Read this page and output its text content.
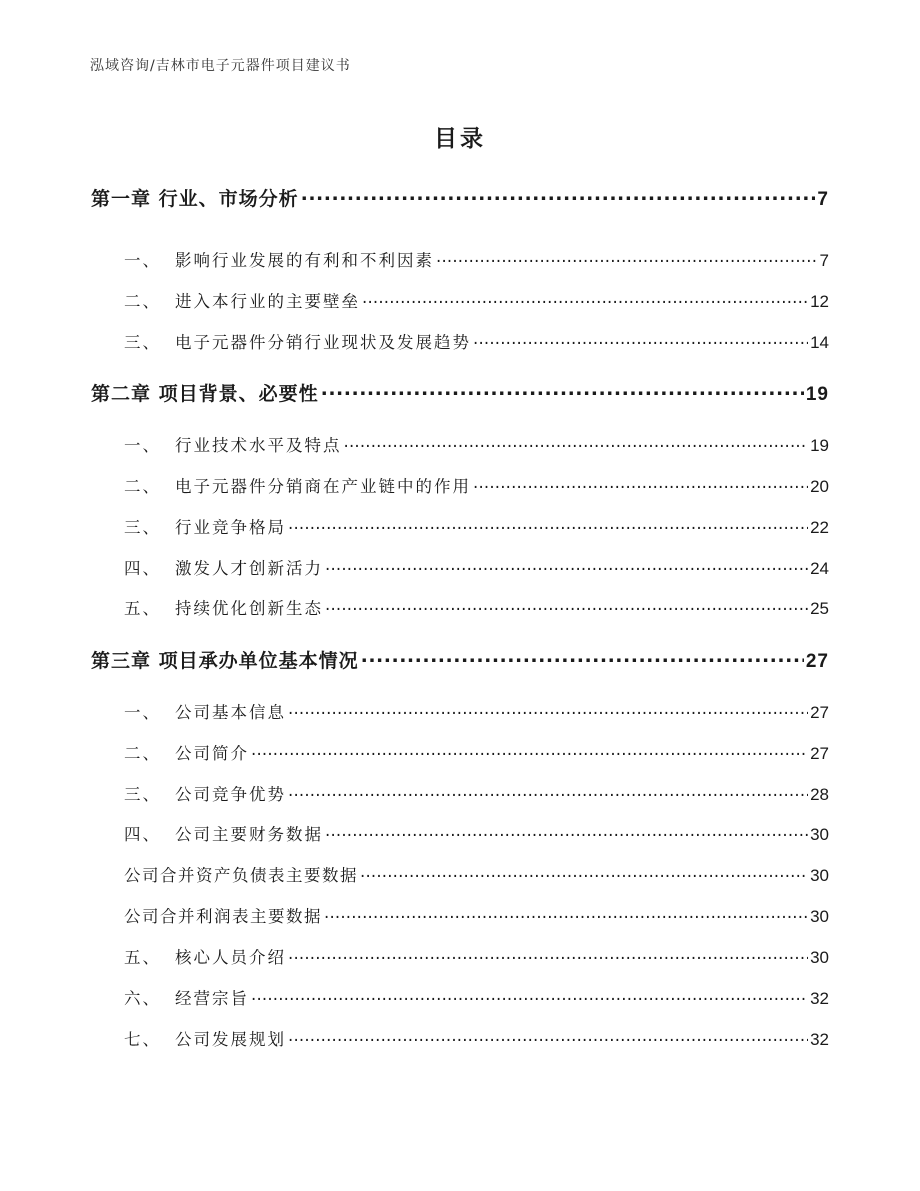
泓域咨询/吉林市电子元器件项目建议书
目录
第一章 行业、市场分析 .....	7
一、 影响行业发展的有利和不利因素 .....	7
二、 进入本行业的主要壁垒 .....	12
三、 电子元器件分销行业现状及发展趋势 .....	14
第二章 项目背景、必要性 .....	19
一、 行业技术水平及特点 .....	19
二、 电子元器件分销商在产业链中的作用 .....	20
三、 行业竞争格局 .....	22
四、 激发人才创新活力 .....	24
五、 持续优化创新生态 .....	25
第三章 项目承办单位基本情况 .....	27
一、 公司基本信息 .....	27
二、 公司简介 .....	27
三、 公司竞争优势 .....	28
四、 公司主要财务数据 .....	30
公司合并资产负债表主要数据 .....	30
公司合并利润表主要数据 .....	30
五、 核心人员介绍 .....	30
六、 经营宗旨 .....	32
七、 公司发展规划 .....	32
